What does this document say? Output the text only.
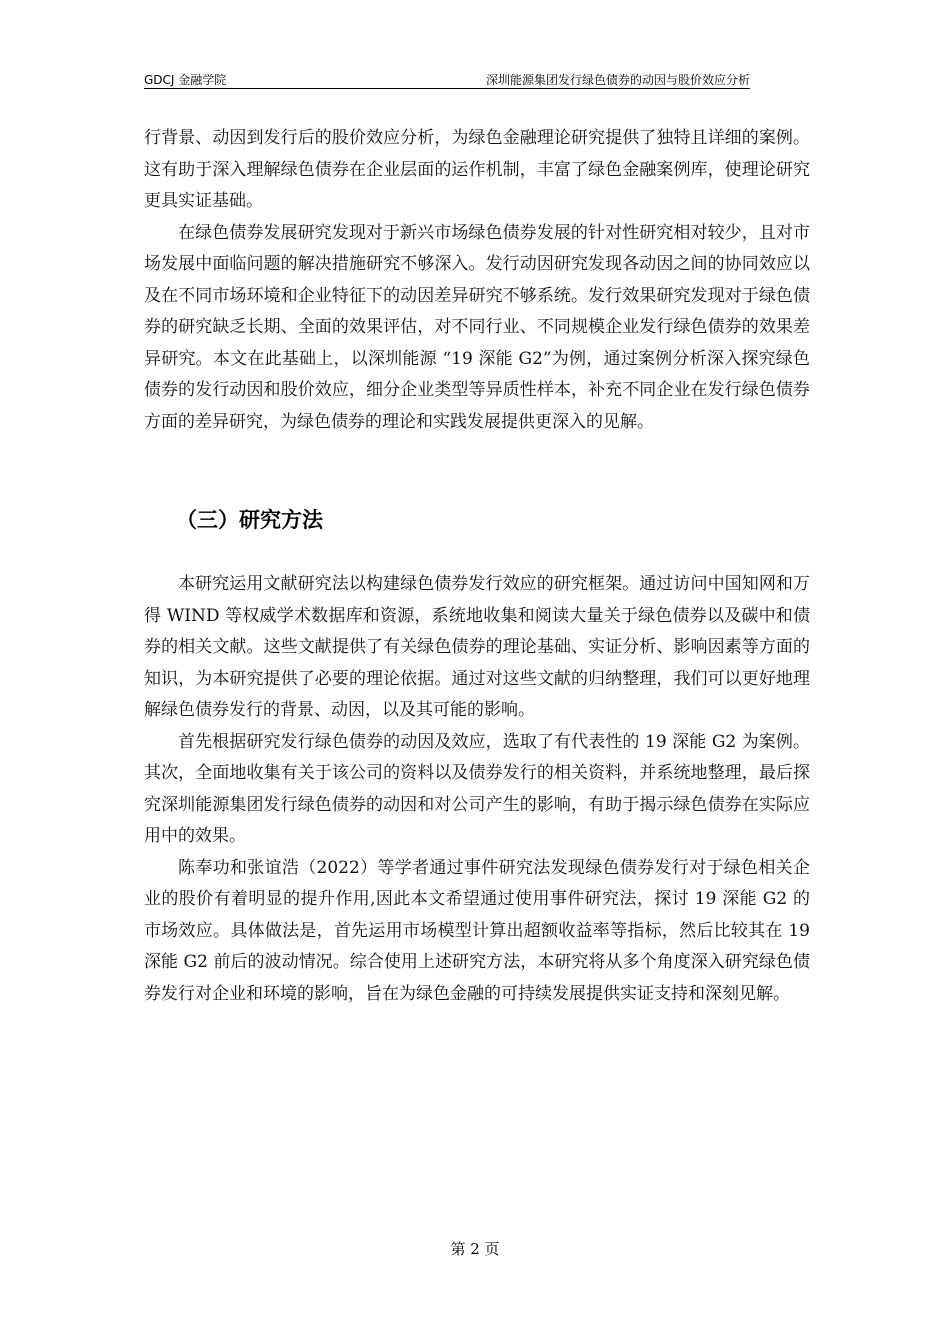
GDCJ 金融学院	深圳能源集团发行绿色债券的动因与股价效应分析

行背景、动因到发行后的股价效应分析，为绿色金融理论研究提供了独特且详细的案例。这有助于深入理解绿色债券在企业层面的运作机制，丰富了绿色金融案例库，使理论研究更具实证基础。

在绿色债券发展研究发现对于新兴市场绿色债券发展的针对性研究相对较少，且对市场发展中面临问题的解决措施研究不够深入。发行动因研究发现各动因之间的协同效应以及在不同市场环境和企业特征下的动因差异研究不够系统。发行效果研究发现对于绿色债券的研究缺乏长期、全面的效果评估，对不同行业、不同规模企业发行绿色债券的效果差异研究。本文在此基础上，以深圳能源 “19 深能 G2”为例，通过案例分析深入探究绿色债券的发行动因和股价效应，细分企业类型等异质性样本，补充不同企业在发行绿色债券方面的差异研究，为绿色债券的理论和实践发展提供更深入的见解。

（三）研究方法

本研究运用文献研究法以构建绿色债券发行效应的研究框架。通过访问中国知网和万得 WIND 等权威学术数据库和资源，系统地收集和阅读大量关于绿色债券以及碳中和债券的相关文献。这些文献提供了有关绿色债券的理论基础、实证分析、影响因素等方面的知识，为本研究提供了必要的理论依据。通过对这些文献的归纳整理，我们可以更好地理解绿色债券发行的背景、动因，以及其可能的影响。

首先根据研究发行绿色债券的动因及效应，选取了有代表性的 19 深能 G2 为案例。其次，全面地收集有关于该公司的资料以及债券发行的相关资料，并系统地整理，最后探究深圳能源集团发行绿色债券的动因和对公司产生的影响，有助于揭示绿色债券在实际应用中的效果。

陈奉功和张谊浩（2022）等学者通过事件研究法发现绿色债券发行对于绿色相关企业的股价有着明显的提升作用,因此本文希望通过使用事件研究法，探讨 19 深能 G2 的市场效应。具体做法是，首先运用市场模型计算出超额收益率等指标，然后比较其在 19 深能 G2 前后的波动情况。综合使用上述研究方法，本研究将从多个角度深入研究绿色债券发行对企业和环境的影响，旨在为绿色金融的可持续发展提供实证支持和深刻见解。

第 2 页
